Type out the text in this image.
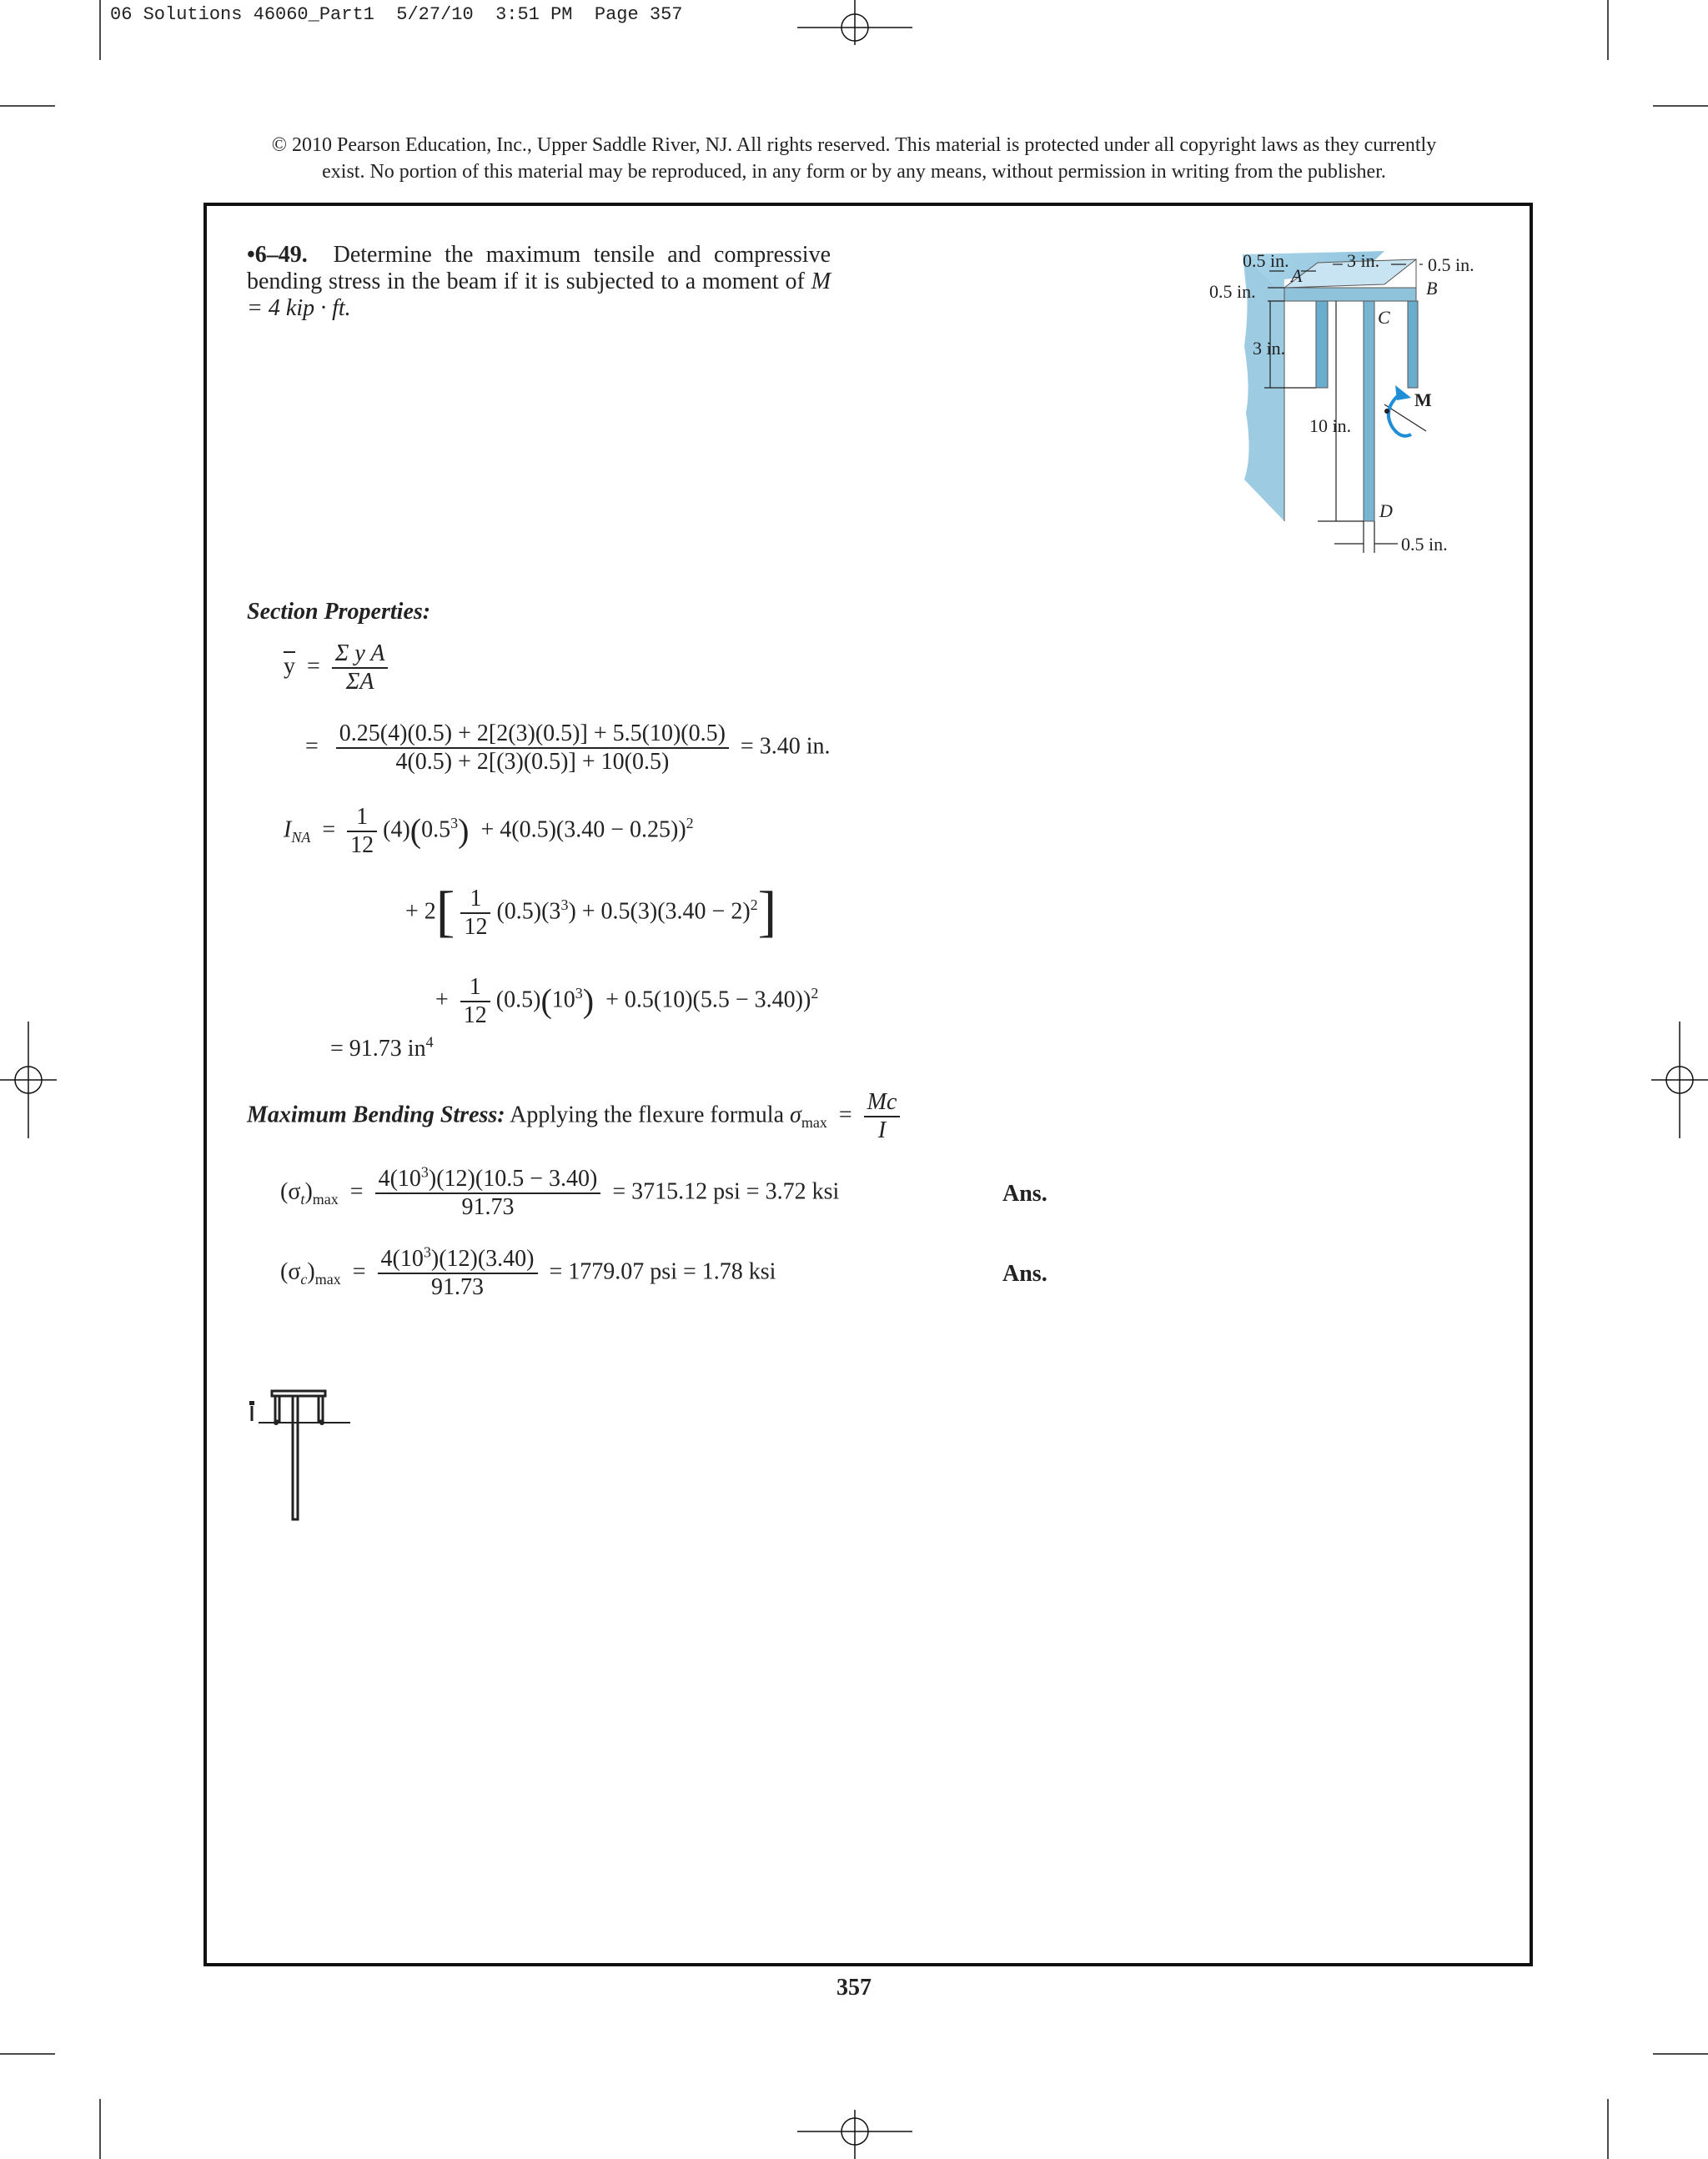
06 Solutions 46060_Part1  5/27/10  3:51 PM  Page 357
© 2010 Pearson Education, Inc., Upper Saddle River, NJ. All rights reserved. This material is protected under all copyright laws as they currently
exist. No portion of this material may be reproduced, in any form or by any means, without permission in writing from the publisher.
•6–49. Determine the maximum tensile and compressive bending stress in the beam if it is subjected to a moment of M = 4 kip · ft.
0.5 in.	3 in.	0.5 in.
0.5 in.
3 in.
10 in.
0.5 in.
A
B
C
D
M
Section Properties:
$\overline{y} = \frac{\text{Σ y A}}{\Sigma A}$
= $\frac{0.25(4)(0.5) + 2[2(3)(0.5)] + 5.5(10)(0.5)}{4(0.5) + 2[(3)(0.5)] + 10(0.5)} = 3.40$ in.
$I_{NA} = \frac{1}{12} (4)(0.5^3) + 4(0.5)(3.40 - 0.25))^2$
+ $2[ \frac{1}{12} (0.5)(3^3) + 0.5(3)(3.40 - 2)^2]$
+ $\frac{1}{12} (0.5)(10^3) + 0.5(10)(5.5 - 3.40))^2$
= 91.73 $in^4$
Maximum Bending Stress: Applying the flexure formula $\sigma_{max} = \frac{Mc}{I}$
$(\sigma_t)_{max} = \frac{4(10^3)(12)(10.5 - 3.40)}{91.73} = 3715.12$ psi = 3.72 ksi	Ans.
$(\sigma_c)_{max} = \frac{4(10^3)(12)(3.40)}{91.73} = 1779.07$ psi = 1.78 ksi	Ans.
357
